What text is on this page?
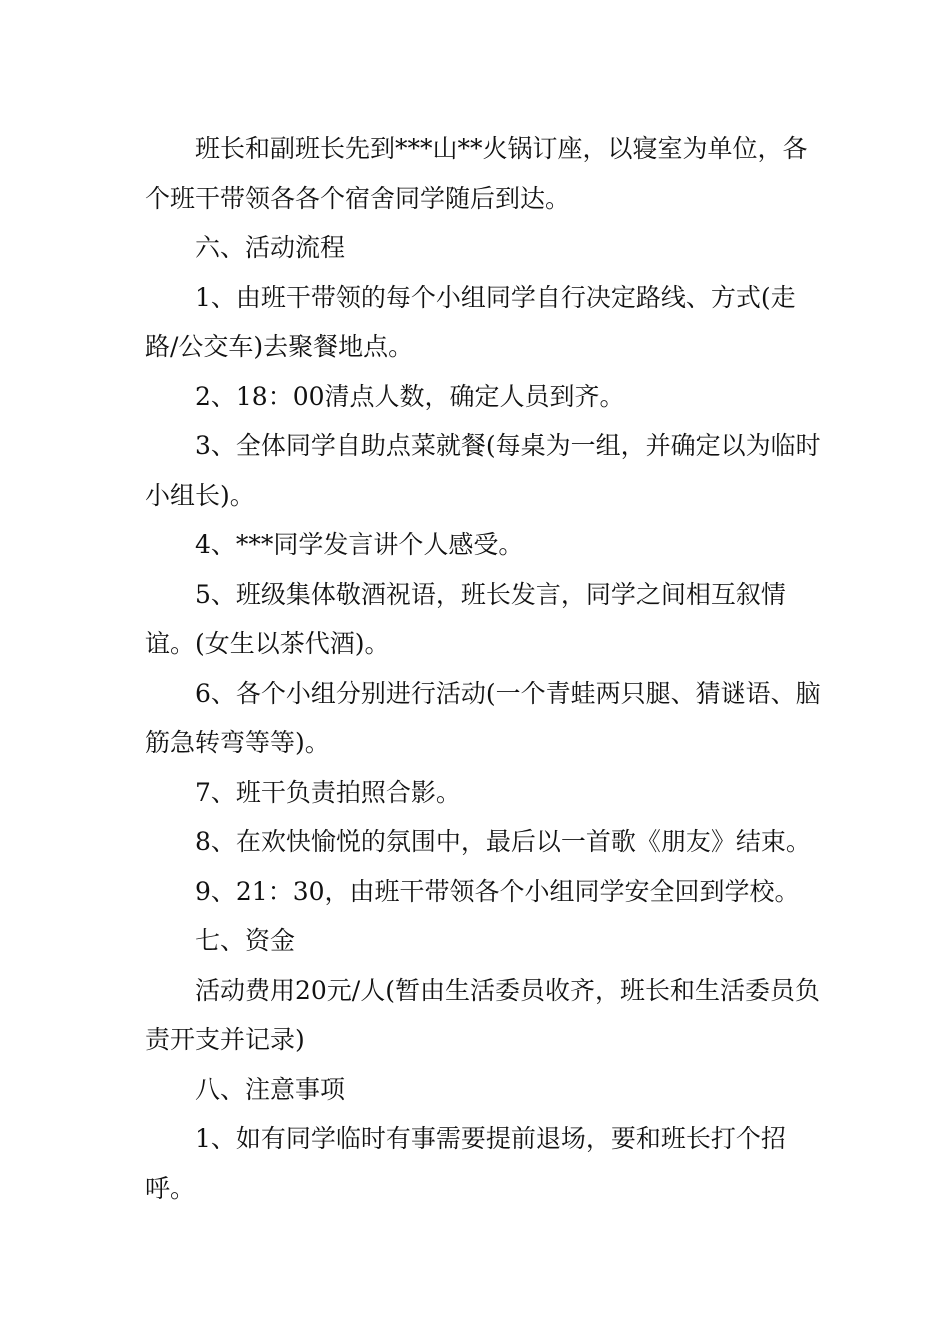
班长和副班长先到***山**火锅订座，以寝室为单位，各个班干带领各各个宿舍同学随后到达。

六、活动流程

1、由班干带领的每个小组同学自行决定路线、方式(走路/公交车)去聚餐地点。

2、18：00清点人数，确定人员到齐。

3、全体同学自助点菜就餐(每桌为一组，并确定以为临时小组长)。

4、***同学发言讲个人感受。

5、班级集体敬酒祝语，班长发言，同学之间相互叙情谊。(女生以茶代酒)。

6、各个小组分别进行活动(一个青蛙两只腿、猜谜语、脑筋急转弯等等)。

7、班干负责拍照合影。

8、在欢快愉悦的氛围中，最后以一首歌《朋友》结束。

9、21：30，由班干带领各个小组同学安全回到学校。

七、资金

活动费用20元/人(暂由生活委员收齐，班长和生活委员负责开支并记录)

八、注意事项

1、如有同学临时有事需要提前退场，要和班长打个招呼。
